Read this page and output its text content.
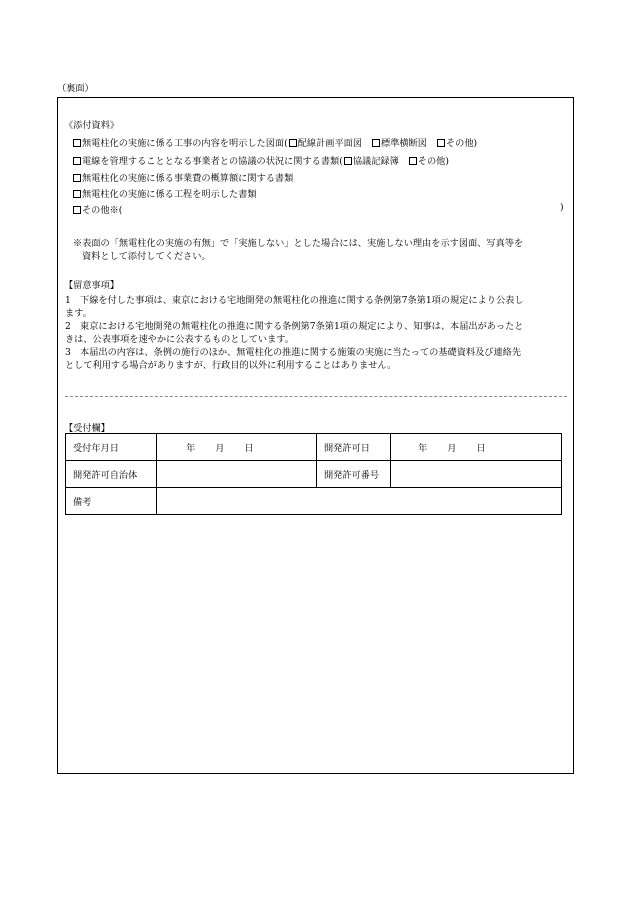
（裏面）
《添付資料》
無電柱化の実施に係る工事の内容を明示した図面( 配線計画平面図 標準横断図 その他)
電線を管理することとなる事業者との協議の状況に関する書類( 協議記録簿 その他)
無電柱化の実施に係る事業費の概算額に関する書類
無電柱化の実施に係る工程を明示した書類
その他※(	)
※表面の「無電柱化の実施の有無」で「実施しない」とした場合には、実施しない理由を示す図面、写真等を
資料として添付してください。
【留意事項】
1　下線を付した事項は、東京における宅地開発の無電柱化の推進に関する条例第7条第1項の規定により公表し
ます。
2　東京における宅地開発の無電柱化の推進に関する条例第7条第1項の規定により、知事は、本届出があったと
きは、公表事項を速やかに公表するものとしています。
3　本届出の内容は、条例の施行のほか、無電柱化の推進に関する施策の実施に当たっての基礎資料及び連絡先
として利用する場合がありますが、行政目的以外に利用することはありません。
【受付欄】
受付年月日	年 月 日	開発許可日	年 月 日
開発許可自治体		開発許可番号	
備考			
